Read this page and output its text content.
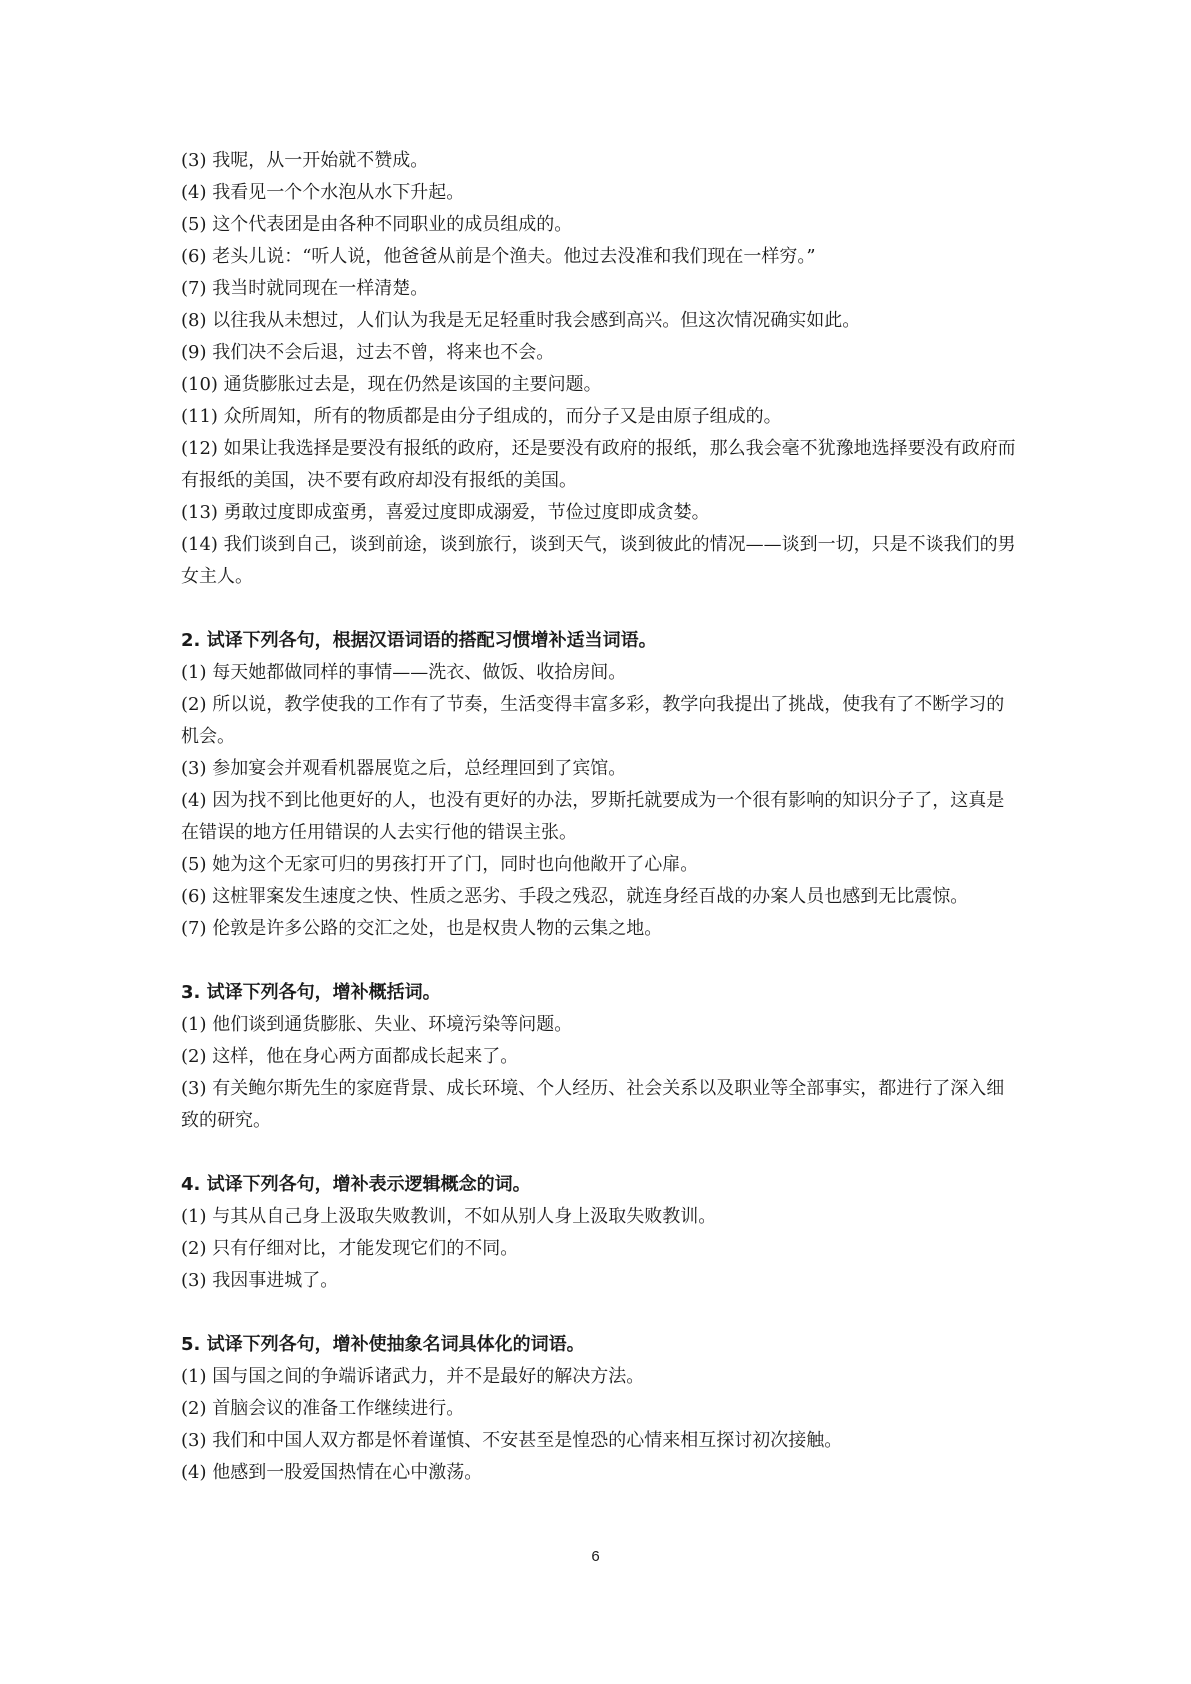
(3) 我呢，从一开始就不赞成。

(4) 我看见一个个水泡从水下升起。

(5) 这个代表团是由各种不同职业的成员组成的。

(6) 老头儿说：“听人说，他爸爸从前是个渔夫。他过去没准和我们现在一样穷。”

(7) 我当时就同现在一样清楚。

(8) 以往我从未想过，人们认为我是无足轻重时我会感到高兴。但这次情况确实如此。

(9) 我们决不会后退，过去不曾，将来也不会。

(10) 通货膨胀过去是，现在仍然是该国的主要问题。

(11) 众所周知，所有的物质都是由分子组成的，而分子又是由原子组成的。

(12) 如果让我选择是要没有报纸的政府，还是要没有政府的报纸，那么我会毫不犹豫地选择要没有政府而有报纸的美国，决不要有政府却没有报纸的美国。

(13) 勇敢过度即成蛮勇，喜爱过度即成溺爱，节俭过度即成贪婪。

(14) 我们谈到自己，谈到前途，谈到旅行，谈到天气，谈到彼此的情况——谈到一切，只是不谈我们的男女主人。

2. 试译下列各句，根据汉语词语的搭配习惯增补适当词语。

(1) 每天她都做同样的事情——洗衣、做饭、收拾房间。

(2) 所以说，教学使我的工作有了节奏，生活变得丰富多彩，教学向我提出了挑战，使我有了不断学习的机会。

(3) 参加宴会并观看机器展览之后，总经理回到了宾馆。

(4) 因为找不到比他更好的人，也没有更好的办法，罗斯托就要成为一个很有影响的知识分子了，这真是在错误的地方任用错误的人去实行他的错误主张。

(5) 她为这个无家可归的男孩打开了门，同时也向他敞开了心扉。

(6) 这桩罪案发生速度之快、性质之恶劣、手段之残忍，就连身经百战的办案人员也感到无比震惊。

(7) 伦敦是许多公路的交汇之处，也是权贵人物的云集之地。

3. 试译下列各句，增补概括词。

(1) 他们谈到通货膨胀、失业、环境污染等问题。

(2) 这样，他在身心两方面都成长起来了。

(3) 有关鲍尔斯先生的家庭背景、成长环境、个人经历、社会关系以及职业等全部事实，都进行了深入细致的研究。

4. 试译下列各句，增补表示逻辑概念的词。

(1) 与其从自己身上汲取失败教训，不如从别人身上汲取失败教训。

(2) 只有仔细对比，才能发现它们的不同。

(3) 我因事进城了。

5. 试译下列各句，增补使抽象名词具体化的词语。

(1) 国与国之间的争端诉诸武力，并不是最好的解决方法。

(2) 首脑会议的准备工作继续进行。

(3) 我们和中国人双方都是怀着谨慎、不安甚至是惶恐的心情来相互探讨初次接触。

(4) 他感到一股爱国热情在心中激荡。

6
